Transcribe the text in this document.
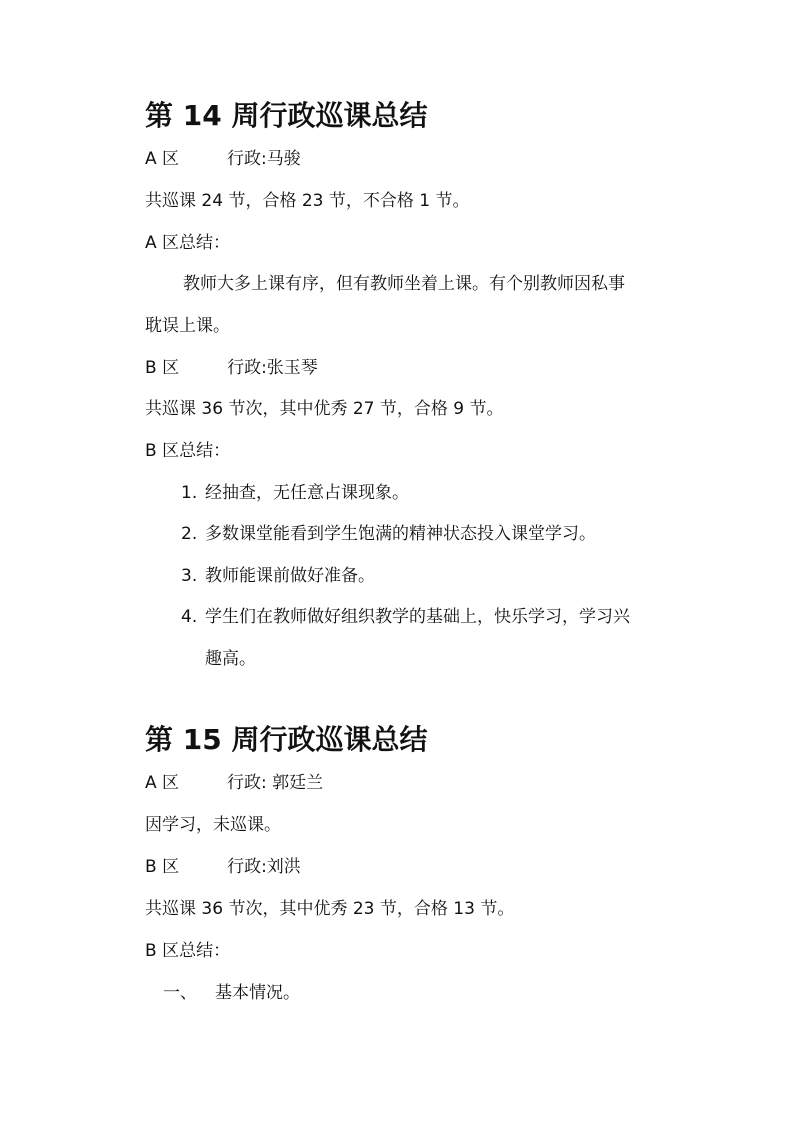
第 14 周行政巡课总结
A 区	行政:马骏
共巡课 24 节，合格 23 节，不合格 1 节。
A 区总结：
教师大多上课有序，但有教师坐着上课。有个别教师因私事
耽误上课。
B 区	行政:张玉琴
共巡课 36 节次，其中优秀 27 节，合格 9 节。
B 区总结：
1. 经抽查，无任意占课现象。
2. 多数课堂能看到学生饱满的精神状态投入课堂学习。
3. 教师能课前做好准备。
4. 学生们在教师做好组织教学的基础上，快乐学习，学习兴
趣高。
第 15 周行政巡课总结
A 区	行政: 郭廷兰
因学习，未巡课。
B 区	行政:刘洪
共巡课 36 节次，其中优秀 23 节，合格 13 节。
B 区总结：
一、 基本情况。
